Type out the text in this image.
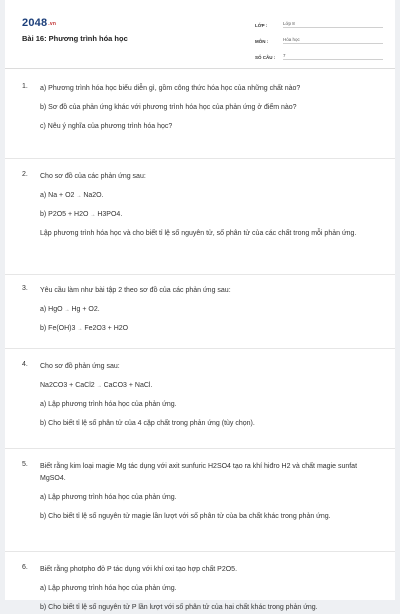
2048.vn
Bài 16: Phương trình hóa học
LỚP :	Lớp 8
MÔN :	Hóa học
SỐ CÂU :	7
1. a) Phương trình hóa học biểu diễn gì, gồm công thức hóa học của những chất nào?
b) Sơ đồ của phản ứng khác với phương trình hóa học của phản ứng ở điểm nào?
c) Nêu ý nghĩa của phương trình hóa học?
2. Cho sơ đồ của các phản ứng sau:
a) Na + O2 → Na2O.
b) P2O5 + H2O → H3PO4.
Lập phương trình hóa học và cho biết tỉ lệ số nguyên tử, số phân tử của các chất trong mỗi phản ứng.
3. Yêu cầu làm như bài tập 2 theo sơ đồ của các phản ứng sau:
a) HgO → Hg + O2.
b) Fe(OH)3 → Fe2O3 + H2O
4. Cho sơ đồ phản ứng sau:
Na2CO3 + CaCl2 → CaCO3 + NaCl.
a) Lập phương trình hóa học của phản ứng.
b) Cho biết tỉ lệ số phân tử của 4 cặp chất trong phản ứng (tùy chọn).
5. Biết rằng kim loại magie Mg tác dụng với axit sunfuric H2SO4 tạo ra khí hiđro H2 và chất magie sunfat MgSO4.
a) Lập phương trình hóa học của phản ứng.
b) Cho biết tỉ lệ số nguyên tử magie lần lượt với số phân tử của ba chất khác trong phản ứng.
6. Biết rằng photpho đỏ P tác dụng với khí oxi tạo hợp chất P2O5.
a) Lập phương trình hóa học của phản ứng.
b) Cho biết tỉ lệ số nguyên tử P lần lượt với số phân tử của hai chất khác trong phản ứng.
